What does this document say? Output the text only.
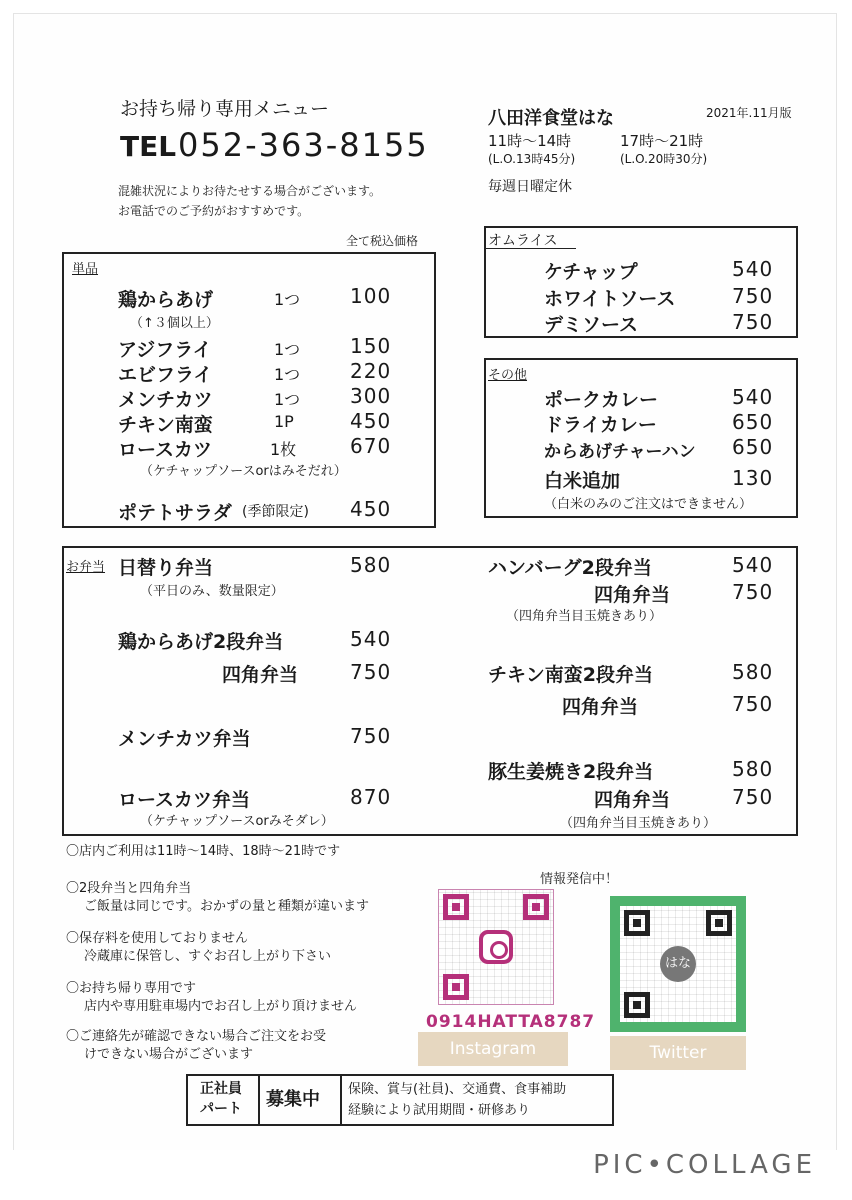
お持ち帰り専用メニュー
TEL 052-363-8155
混雑状況によりお待たせする場合がございます。
お電話でのご予約がおすすめです。
全て税込価格
八田洋食堂はな	2021年.11月版
11時～14時
(L.O.13時45分)
17時～21時
(L.O.20時30分)
毎週日曜定休
単品
鶏からあげ	1つ 100
（↑３個以上）
アジフライ	1つ 150
エビフライ	1つ 220
メンチカツ	1つ 300
チキン南蛮	1P	450
ロースカツ	1枚	670
（ケチャップソースorはみそだれ）
ポテトサラダ (季節限定) 450
オムライス
ケチャップ	540
ホワイトソース	750
デミソース	750
その他
ポークカレー	540
ドライカレー	650
からあげチャーハン 650
白米追加	130
（白米のみのご注文はできません）
お弁当 日替り弁当	580
（平日のみ、数量限定）
鶏からあげ2段弁当	540
四角弁当	750
メンチカツ弁当	750
ロースカツ弁当	870
（ケチャップソースorみそダレ）
ハンバーグ2段弁当	540
四角弁当	750
（四角弁当目玉焼きあり）
チキン南蛮2段弁当	580
四角弁当	750
豚生姜焼き2段弁当	580
四角弁当	750
（四角弁当目玉焼きあり）
〇店内ご利用は11時～14時、18時～21時です
〇2段弁当と四角弁当
ご飯量は同じです。おかずの量と種類が違います
〇保存料を使用しておりません
冷蔵庫に保管し、すぐお召し上がり下さい
〇お持ち帰り専用です
店内や専用駐車場内でお召し上がり頂けません
〇ご連絡先が確認できない場合ご注文をお受
けできない場合がございます
情報発信中！
0914HATTA8787
Instagram
はな
Twitter
正社員
パート 募集中 保険、賞与(社員)、交通費、食事補助
経験により試用期間・研修あり
PIC•COLLAGE
